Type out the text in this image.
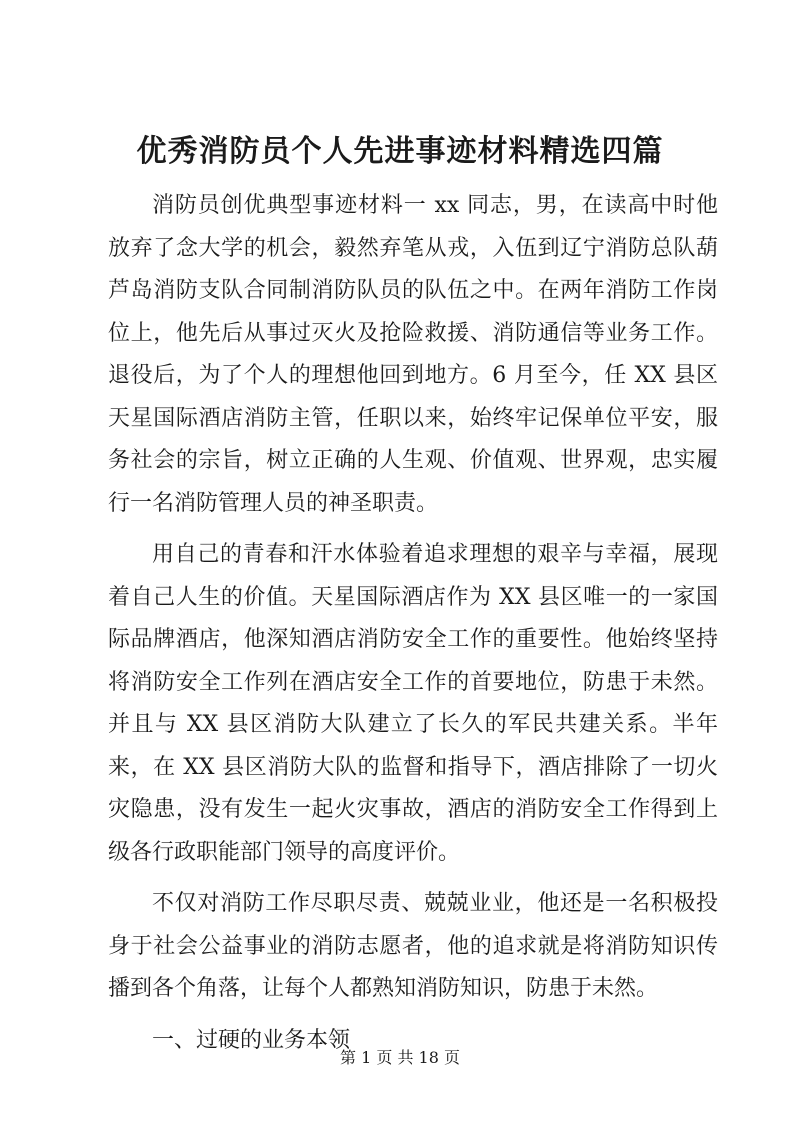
优秀消防员个人先进事迹材料精选四篇

消防员创优典型事迹材料一 xx 同志，男，在读高中时他放弃了念大学的机会，毅然弃笔从戎，入伍到辽宁消防总队葫芦岛消防支队合同制消防队员的队伍之中。在两年消防工作岗位上，他先后从事过灭火及抢险救援、消防通信等业务工作。退役后，为了个人的理想他回到地方。6 月至今，任 XX 县区天星国际酒店消防主管，任职以来，始终牢记保单位平安，服务社会的宗旨，树立正确的人生观、价值观、世界观，忠实履行一名消防管理人员的神圣职责。

用自己的青春和汗水体验着追求理想的艰辛与幸福，展现着自己人生的价值。天星国际酒店作为 XX 县区唯一的一家国际品牌酒店，他深知酒店消防安全工作的重要性。他始终坚持将消防安全工作列在酒店安全工作的首要地位，防患于未然。并且与 XX 县区消防大队建立了长久的军民共建关系。半年来，在 XX 县区消防大队的监督和指导下，酒店排除了一切火灾隐患，没有发生一起火灾事故，酒店的消防安全工作得到上级各行政职能部门领导的高度评价。

不仅对消防工作尽职尽责、兢兢业业，他还是一名积极投身于社会公益事业的消防志愿者，他的追求就是将消防知识传播到各个角落，让每个人都熟知消防知识，防患于未然。

一、过硬的业务本领

第 1 页 共 18 页
